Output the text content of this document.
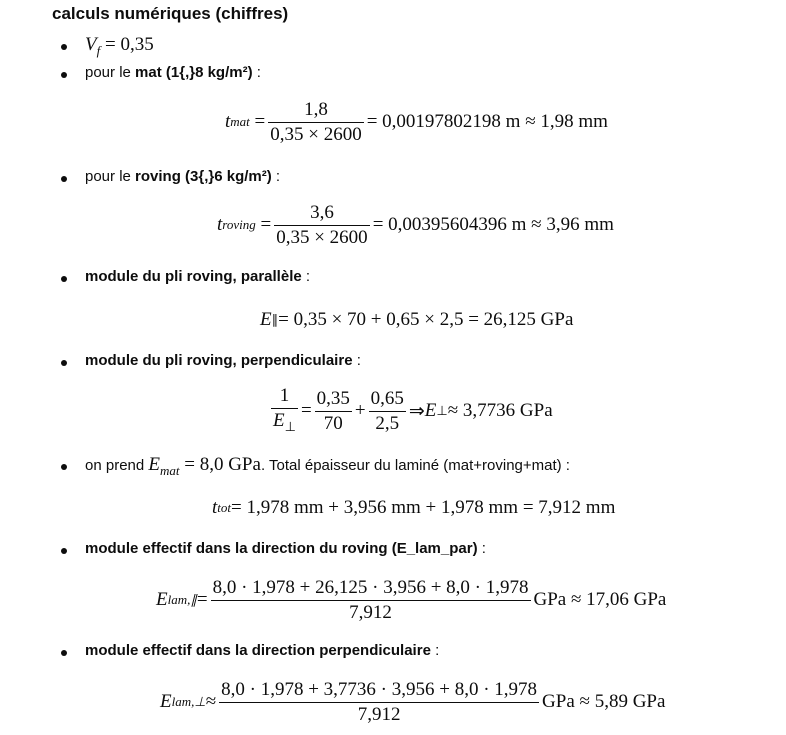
calculs numériques (chiffres)
$V_f = 0,35$
pour le mat (1{,}8 kg/m²) :
t mat = $\frac{1,8}{0,35 \times 2600} = 0,00197802198$ m ≈ 1,98 mm
pour le roving (3{,}6 kg/m²) :
t roving = $\frac{3,6}{0,35 \times 2600} = 0,00395604396$ m ≈ 3,96 mm
module du pli roving, parallèle :
E ∥ = 0,35 × 70 + 0,65 × 2,5 = 26,125 GPa
module du pli roving, perpendiculaire :
$\frac{1}{E_\perp} = \frac{0,35}{70} + \frac{0,65}{2,5}$ ⇒ E ⊥ ≈ 3,7736 GPa
on prend $E_{mat} = 8,0$ GPa. Total épaisseur du laminé (mat+roving+mat) :
t tot = 1,978 mm + 3,956 mm + 1,978 mm = 7,912 mm
module effectif dans la direction du roving (E_lam_par) :
E lam,∥ = $\frac{8,0 \cdot 1,978 + 26,125 \cdot 3,956 + 8,0 \cdot 1,978}{7,912}$ GPa ≈ 17,06 GPa
module effectif dans la direction perpendiculaire :
E lam,⊥ ≈ $\frac{8,0 \cdot 1,978 + 3,7736 \cdot 3,956 + 8,0 \cdot 1,978}{7,912}$ GPa ≈ 5,89 GPa
